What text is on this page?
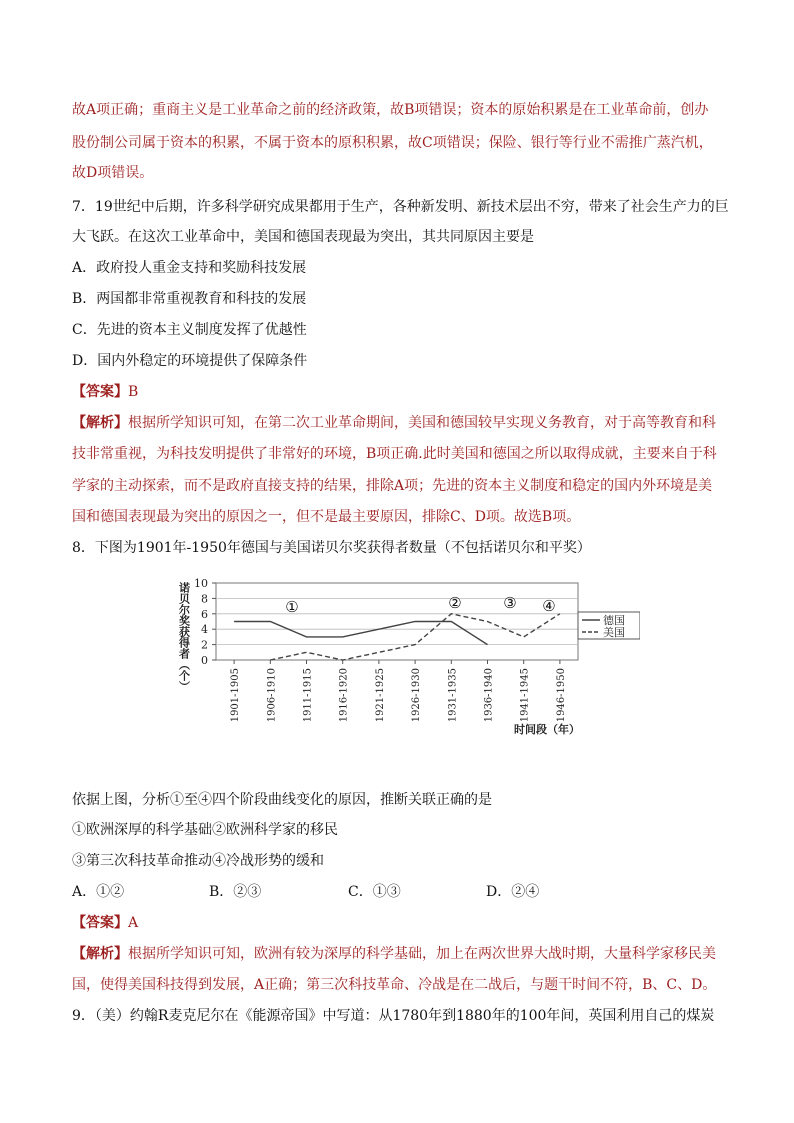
故A项正确；重商主义是工业革命之前的经济政策，故B项错误；资本的原始积累是在工业革命前，创办
股份制公司属于资本的积累，不属于资本的原积积累，故C项错误；保险、银行等行业不需推广蒸汽机，
故D项错误。
7．19世纪中后期，许多科学研究成果都用于生产，各种新发明、新技术层出不穷，带来了社会生产力的巨
大飞跃。在这次工业革命中，美国和德国表现最为突出，其共同原因主要是
A．政府投人重金支持和奖励科技发展
B．两国都非常重视教育和科技的发展
C．先进的资本主义制度发挥了优越性
D．国内外稳定的环境提供了保障条件
【答案】B
【解析】根据所学知识可知，在第二次工业革命期间，美国和德国较早实现义务教育，对于高等教育和科
技非常重视，为科技发明提供了非常好的环境，B项正确.此时美国和德国之所以取得成就，主要来自于科
学家的主动探索，而不是政府直接支持的结果，排除A项；先进的资本主义制度和稳定的国内外环境是美
国和德国表现最为突出的原因之一，但不是最主要原因，排除C、D项。故选B项。
8．下图为1901年-1950年德国与美国诺贝尔奖获得者数量（不包括诺贝尔和平奖）
0
2
4
6
8
10
1901-1905	1906-1910	1911-1915	1916-1920	1921-1925	1926-1930	1931-1935	1936-1940	1941-1945	1946-1950
诺贝尔奖获得者（个）
时间段（年）
①	②	③ ④
德国
美国
依据上图，分析①至④四个阶段曲线变化的原因，推断关联正确的是
①欧洲深厚的科学基础②欧洲科学家的移民
③第三次科技革命推动④冷战形势的缓和
A．①②	B．②③	C．①③	D．②④
【答案】A
【解析】根据所学知识可知，欧洲有较为深厚的科学基础，加上在两次世界大战时期，大量科学家移民美
国，使得美国科技得到发展，A正确；第三次科技革命、冷战是在二战后，与题干时间不符，B、C、D。
9．（美）约翰R麦克尼尔在《能源帝国》中写道：从1780年到1880年的100年间，英国利用自己的煤炭
